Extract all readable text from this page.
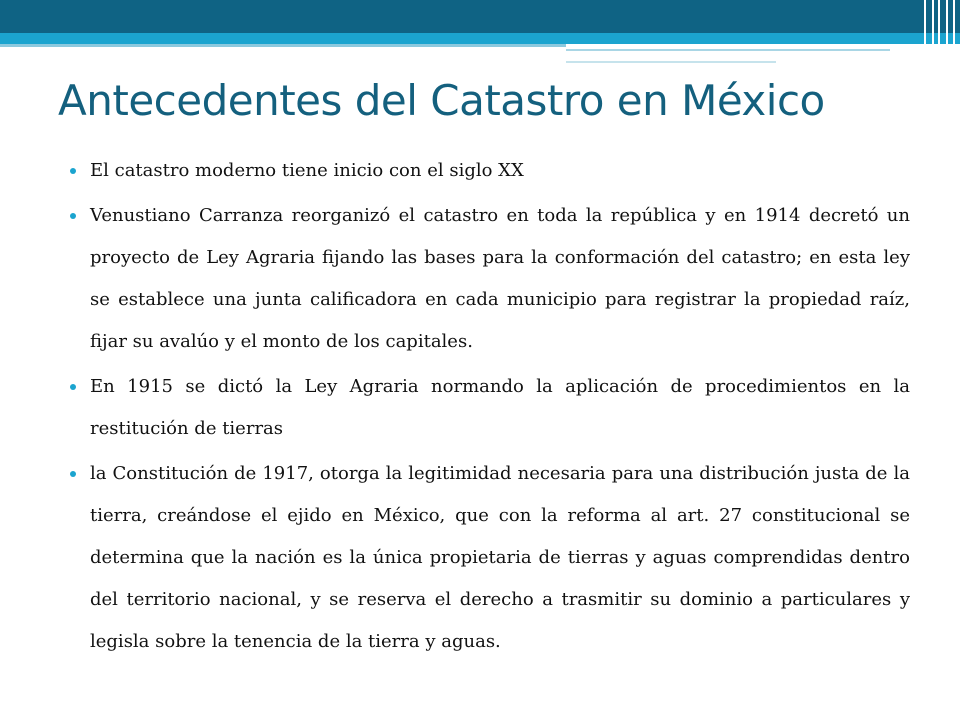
Antecedentes del Catastro en México
El catastro moderno tiene inicio con el siglo XX
Venustiano Carranza reorganizó el catastro en toda la república y en 1914 decretó un proyecto de Ley Agraria fijando las bases para la conformación del catastro; en esta ley se establece una junta calificadora en cada municipio para registrar la propiedad raíz, fijar su avalúo y el monto de los capitales.
En 1915 se dictó la Ley Agraria normando la aplicación de procedimientos en la restitución de tierras
la Constitución de 1917, otorga la legitimidad necesaria para una distribución justa de la tierra, creándose el ejido en México, que con la reforma al art. 27 constitucional se determina que la nación es la única propietaria de tierras y aguas comprendidas dentro del territorio nacional, y se reserva el derecho a trasmitir su dominio a particulares y legisla sobre la tenencia de la tierra y aguas.
